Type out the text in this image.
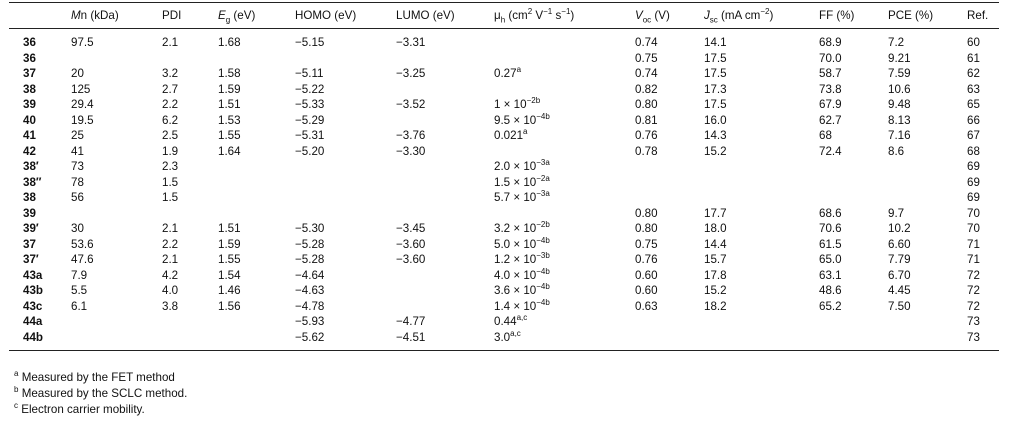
	Mn (kDa)	PDI	$E_g$ (eV)	HOMO (eV)	LUMO (eV)	$\mu_h$ ($cm^2$ $V^{-1}$ $s^{-1}$)	$V_{oc}$ (V)	$J_{sc}$ (mA $cm^{-2}$)	FF (%)	PCE (%)	Ref.
36	97.5	2.1	1.68	−5.15	−3.31		0.74	14.1	68.9	7.2	60
36							0.75	17.5	70.0	9.21	61
37	20	3.2	1.58	−5.11	−3.25	0.27$^a$	0.74	17.5	58.7	7.59	62
38	125	2.7	1.59	−5.22			0.82	17.3	73.8	10.6	63
39	29.4	2.2	1.51	−5.33	−3.52	$1 \times 10^{-2b}$	0.80	17.5	67.9	9.48	65
40	19.5	6.2	1.53	−5.29		$9.5 \times 10^{-4b}$	0.81	16.0	62.7	8.13	66
41	25	2.5	1.55	−5.31	−3.76	0.021$^a$	0.76	14.3	68	7.16	67
42	41	1.9	1.64	−5.20	−3.30		0.78	15.2	72.4	8.6	68
38′	73	2.3				$2.0 \times 10^{-3a}$					69
38″	78	1.5				$1.5 \times 10^{-2a}$					69
38	56	1.5				$5.7 \times 10^{-3a}$					69
39							0.80	17.7	68.6	9.7	70
39′	30	2.1	1.51	−5.30	−3.45	$3.2 \times 10^{-2b}$	0.80	18.0	70.6	10.2	70
37	53.6	2.2	1.59	−5.28	−3.60	$5.0 \times 10^{-4b}$	0.75	14.4	61.5	6.60	71
37′	47.6	2.1	1.55	−5.28	−3.60	$1.2 \times 10^{-3b}$	0.76	15.7	65.0	7.79	71
43a	7.9	4.2	1.54	−4.64		$4.0 \times 10^{-4b}$	0.60	17.8	63.1	6.70	72
43b	5.5	4.0	1.46	−4.63		$3.6 \times 10^{-4b}$	0.60	15.2	48.6	4.45	72
43c	6.1	3.8	1.56	−4.78		$1.4 \times 10^{-4b}$	0.63	18.2	65.2	7.50	72
44a				−5.93	−4.77	0.44$^{a,c}$					73
44b				−5.62	−4.51	3.0$^{a,c}$					73
$^a$ Measured by the FET method
$^b$ Measured by the SCLC method.
$^c$ Electron carrier mobility.
